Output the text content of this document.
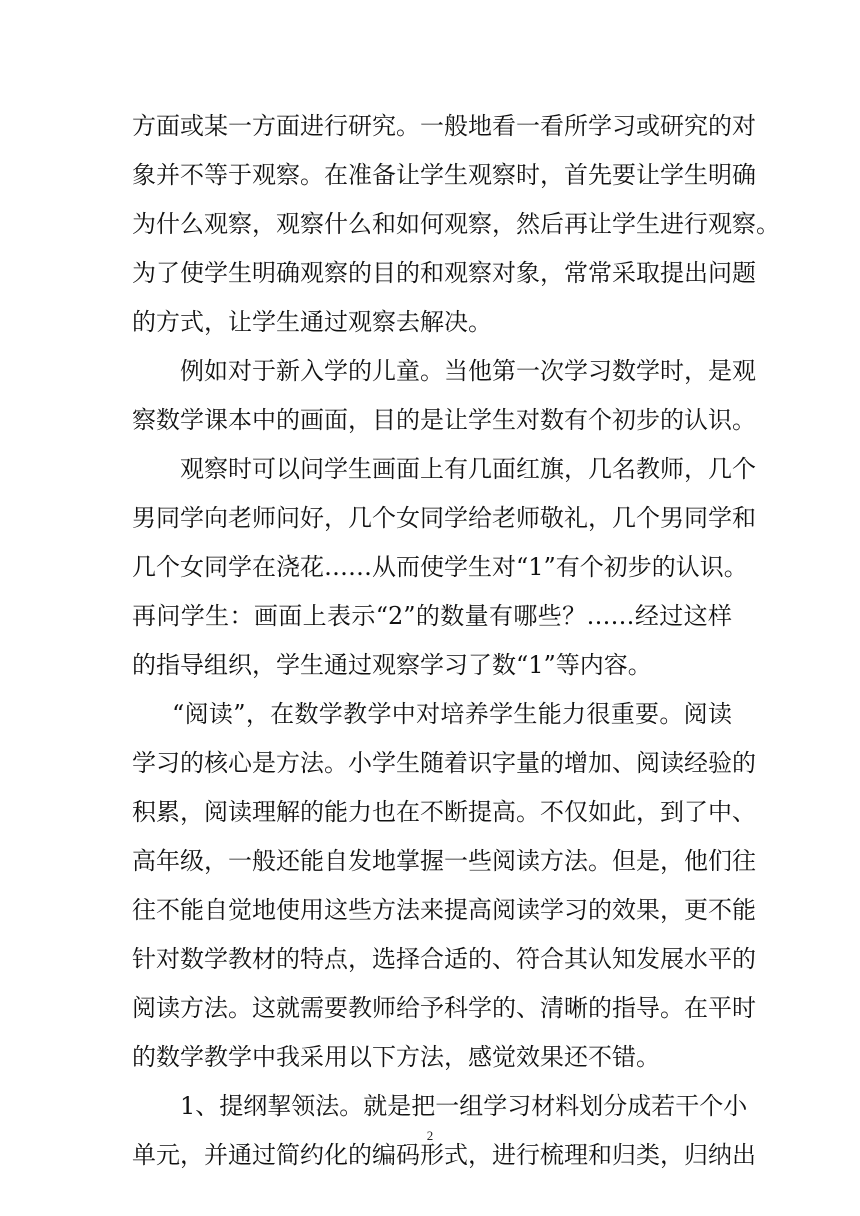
方面或某一方面进行研究。一般地看一看所学习或研究的对
象并不等于观察。在准备让学生观察时，首先要让学生明确
为什么观察，观察什么和如何观察，然后再让学生进行观察。
为了使学生明确观察的目的和观察对象，常常采取提出问题
的方式，让学生通过观察去解决。
例如对于新入学的儿童。当他第一次学习数学时，是观
察数学课本中的画面，目的是让学生对数有个初步的认识。
观察时可以问学生画面上有几面红旗，几名教师，几个
男同学向老师问好，几个女同学给老师敬礼，几个男同学和
几个女同学在浇花……从而使学生对“1”有个初步的认识。
再问学生：画面上表示“2”的数量有哪些？……经过这样
的指导组织，学生通过观察学习了数“1”等内容。
“阅读”，在数学教学中对培养学生能力很重要。阅读
学习的核心是方法。小学生随着识字量的增加、阅读经验的
积累，阅读理解的能力也在不断提高。不仅如此，到了中、
高年级，一般还能自发地掌握一些阅读方法。但是，他们往
往不能自觉地使用这些方法来提高阅读学习的效果，更不能
针对数学教材的特点，选择合适的、符合其认知发展水平的
阅读方法。这就需要教师给予科学的、清晰的指导。在平时
的数学教学中我采用以下方法，感觉效果还不错。
1、提纲挈领法。就是把一组学习材料划分成若干个小
单元，并通过简约化的编码形式，进行梳理和归类，归纳出
2
